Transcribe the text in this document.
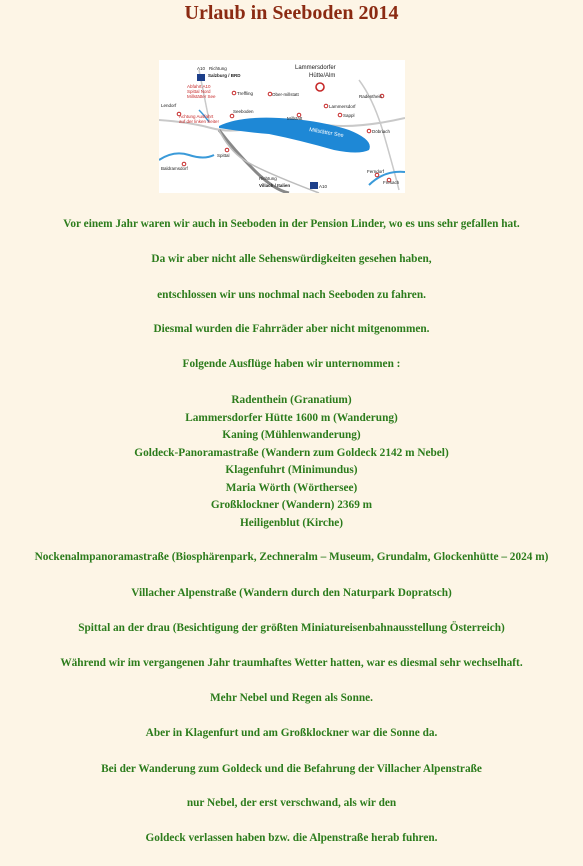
Urlaub in Seeboden 2014
Millstätter See
A10 Richtung
Salzburg / BRD
Abfahrt A10
Spittal Nord
Millstätter See
Achtung Ausfahrt
auf der linken Seite!
Lendorf
Treffling	Ober-millstatt	Radenthein
Lammersdorf
Seeboden
Millstatt
Sappl
Döbriach
Spittal
Baldramsdorf
Ferndorf
Fresach
Richtung
Villach / Italien	A10
Lammersdorfer
Hütte/Alm

Vor einem Jahr waren wir auch in Seeboden in der Pension Linder, wo es uns sehr gefallen hat.

Da wir aber nicht alle Sehenswürdigkeiten gesehen haben,

entschlossen wir uns nochmal nach Seeboden zu fahren.

Diesmal wurden die Fahrräder aber nicht mitgenommen.

Folgende Ausflüge haben wir unternommen :

Radenthein (Granatium)

Lammersdorfer Hütte 1600 m (Wanderung)

Kaning (Mühlenwanderung)

Goldeck-Panoramastraße (Wandern zum Goldeck 2142 m Nebel)

Klagenfuhrt (Minimundus)

Maria Wörth (Wörthersee)

Großklockner (Wandern) 2369 m

Heiligenblut (Kirche)

Nockenalmpanoramastraße (Biosphärenpark, Zechneralm – Museum, Grundalm, Glockenhütte – 2024 m)

Villacher Alpenstraße (Wandern durch den Naturpark Dopratsch)

Spittal an der drau (Besichtigung der größten Miniatureisenbahnausstellung Österreich)

Während wir im vergangenen Jahr traumhaftes Wetter hatten, war es diesmal sehr wechselhaft.

Mehr Nebel und Regen als Sonne.

Aber in Klagenfurt und am Großklockner war die Sonne da.

Bei der Wanderung zum Goldeck und die Befahrung der Villacher Alpenstraße

nur Nebel, der erst verschwand, als wir den

Goldeck verlassen haben bzw. die Alpenstraße herab fuhren.
